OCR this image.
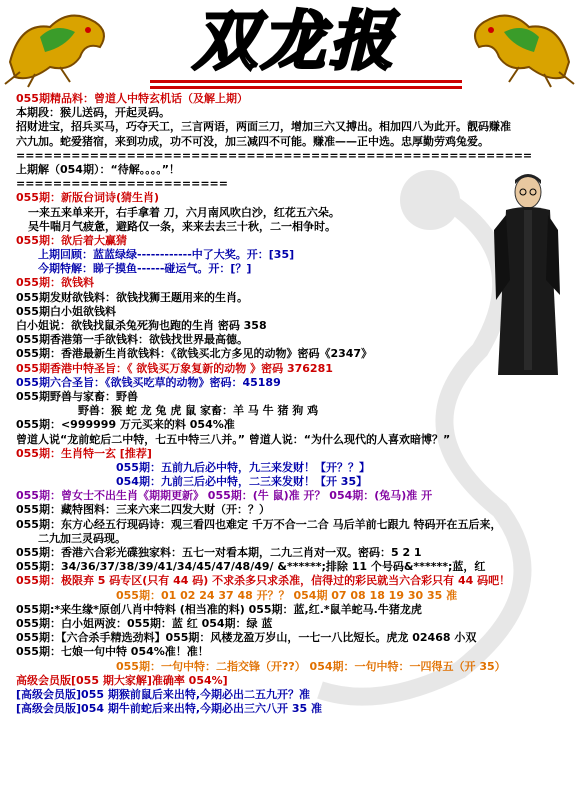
双龙报
055期精品料：曾道人中特玄机话（及解上期）
本期段：猴儿送码，开起灵码。
招财进宝，招兵买马，巧夺天工，三言两语，两面三刀，增加三六又搏出。相加四八为此开。靓码赚准
六九加。蛇爱猪宿，来到功成，功不可没，加三减四不可能。赚准——正中选。忠厚勤劳鸡兔爱。
========================================================
上期解（054期）：“待解。。。。”！
=======================
055期：新版台词诗(猜生肖)
一来五来单来开，右手拿着 刀，六月南风吹白沙，红花五六朵。
吴牛喘月气疲惫，避路仅一条，来来去去三十秋，二一相争时。
055期：欲后着大赢猜
上期回顾：蓝蓝绿绿------------中了大奖。开：[35]
今期特解：睇子摸鱼------碰运气。开：[？]
055期：欲钱料
055期发财欲钱料：欲钱找狮王题用来的生肖。
055期白小姐欲钱料
白小姐说：欲钱找鼠杀兔死狗也跑的生肖 密码 358
055期香港第一手欲钱料：欲钱找世界最高德。
055期：香港最新生肖欲钱料：《欲钱买北方多见的动物》密码《2347》
055期香港中特圣旨：《 欲钱买万象复新的动物 》密码 376281
055期六合圣旨：《欲钱买吃草的动物》密码：45189
055期野兽与家畜：野兽
野兽：猴 蛇 龙 兔 虎 鼠 家畜：羊 马 牛 猪 狗 鸡
055期：<999999 万元买来的料 054%准
曾道人说“龙前蛇后二中特，七五中特三八并。” 曾道人说：“为什么现代的人喜欢暗博？”
055期：生肖特一玄 [推荐]
055期：五前九后必中特，九三来发财！【开？？】
054期：九前三后必中特，二三来发财！【开 35】
055期：曾女士不出生肖《期期更新》 055期：(牛 鼠)准 开？ 054期：(兔马)准 开
055期：藏特图料：三来六来二四发大财（开：？）
055期：东方心经五行现码诗：观三看四也难定 千万不合一二合 马后羊前七跟九 特码开在五后来，
二九加三灵码现。
055期：香港六合彩光碟独家料：五七一对看本期，二九三肖对一双。密码：5 2 1
055期：34/36/37/38/39/41/34/45/47/48/49/ &******;排除 11 个号码&******;蓝，红
055期：极限弃 5 码专区(只有 44 码) 不求杀多只求杀准，信得过的彩民就当六合彩只有 44 码吧！
055期：01 02 24 37 48 开？？ 054期 07 08 18 19 30 35 准
055期:*来生缘*原创八肖中特料 (相当准的料) 055期：蓝,红.*鼠羊蛇马.牛猪龙虎
055期：白小姐两波：055期：蓝 红 054期：绿 蓝
055期：【六合杀手精选劲料】055期：风楼龙盈万岁山，一七一八比短长。虎龙 02468 小双
055期：七娘一句中特 054%准！准！
055期：一句中特：二指交锋（开??） 054期：一句中特：一四得五（开 35）
高级会员版[055 期大家解]准确率 054%]
[高级会员版]055 期猴前鼠后来出特,今期必出二五九开？准
[高级会员版]054 期牛前蛇后来出特,今期必出三六八开 35 准
